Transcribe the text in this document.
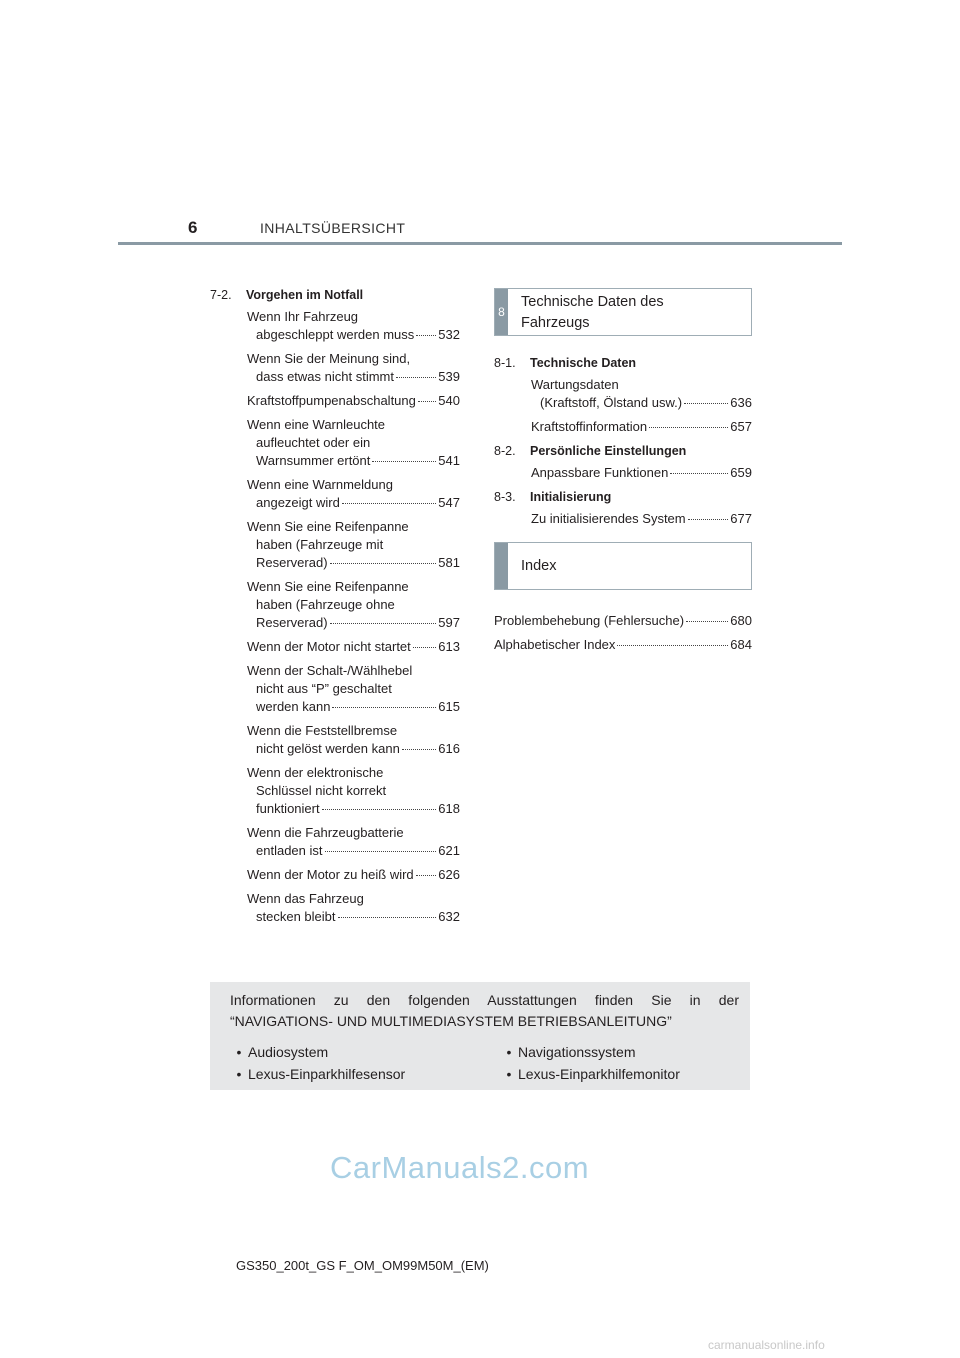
6	INHALTSÜBERSICHT
7-2.	Vorgehen im Notfall
Wenn Ihr Fahrzeug
abgeschleppt werden muss 532
Wenn Sie der Meinung sind,
dass etwas nicht stimmt	539
Kraftstoffpumpenabschaltung 540
Wenn eine Warnleuchte
aufleuchtet oder ein
Warnsummer ertönt	541
Wenn eine Warnmeldung
angezeigt wird	547
Wenn Sie eine Reifenpanne
haben (Fahrzeuge mit
Reserverad)	581
Wenn Sie eine Reifenpanne
haben (Fahrzeuge ohne
Reserverad)	597
Wenn der Motor nicht startet 613
Wenn der Schalt-/Wählhebel
nicht aus “P” geschaltet
werden kann	615
Wenn die Feststellbremse
nicht gelöst werden kann	616
Wenn der elektronische
Schlüssel nicht korrekt
funktioniert	618
Wenn die Fahrzeugbatterie
entladen ist	621
Wenn der Motor zu heiß wird 626
Wenn das Fahrzeug
stecken bleibt	632
8
Technische Daten des
Fahrzeugs
8-1.	Technische Daten
Wartungsdaten
(Kraftstoff, Ölstand usw.)	636
Kraftstoffinformation	657
8-2.	Persönliche Einstellungen
Anpassbare Funktionen	659
8-3.	Initialisierung
Zu initialisierendes System	677
Index
Problembehebung (Fehlersuche)	680
Alphabetischer Index	684
Informationen zu den folgenden Ausstattungen finden Sie in der
“NAVIGATIONS- UND MULTIMEDIASYSTEM BETRIEBSANLEITUNG”
• Audiosystem
• Lexus-Einparkhilfesensor
• Navigationssystem
• Lexus-Einparkhilfemonitor
GS350_200t_GS F_OM_OM99M50M_(EM)
CarManuals2.com
carmanualsonline.info
